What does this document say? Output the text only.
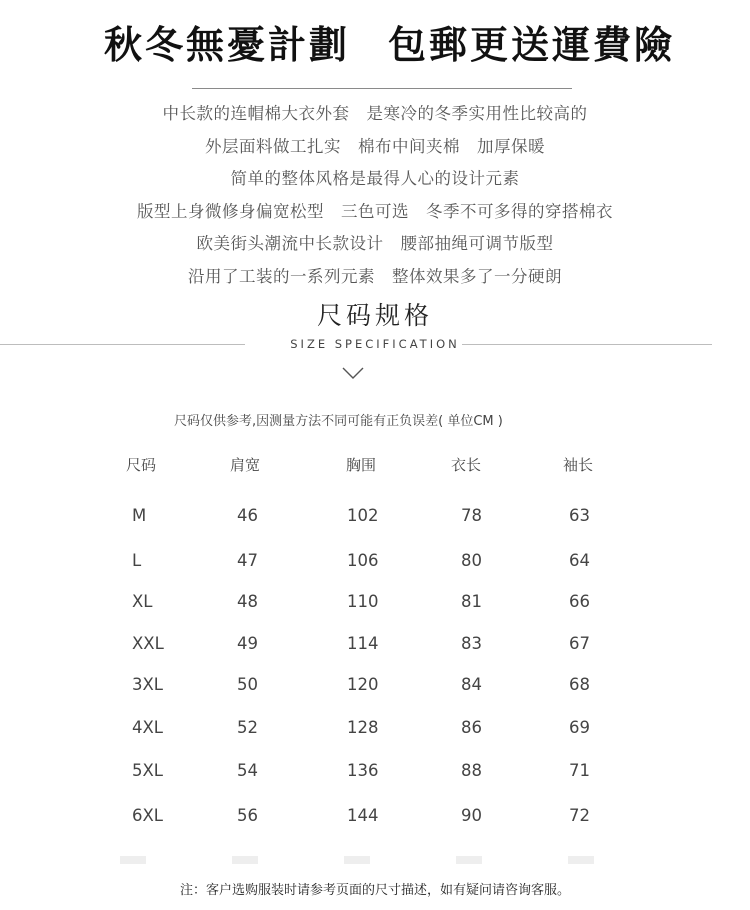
秋冬無憂計劃 包郵更送運費險
中长款的连帽棉大衣外套　是寒冷的冬季实用性比较高的
外层面料做工扎实　棉布中间夹棉　加厚保暖
简单的整体风格是最得人心的设计元素
版型上身微修身偏宽松型　三色可选　冬季不可多得的穿搭棉衣
欧美街头潮流中长款设计　腰部抽绳可调节版型
沿用了工装的一系列元素　整体效果多了一分硬朗
尺码规格
SIZE SPECIFICATION
尺码仅供参考,因测量方法不同可能有正负误差( 单位CM )
尺码	肩宽	胸围	衣长	袖长
M	46	102	78	63
L	47	106	80	64
XL	48	110	81	66
XXL	49	114	83	67
3XL	50	120	84	68
4XL	52	128	86	69
5XL	54	136	88	71
6XL	56	144	90	72
注：客户选购服装时请参考页面的尺寸描述，如有疑问请咨询客服。
